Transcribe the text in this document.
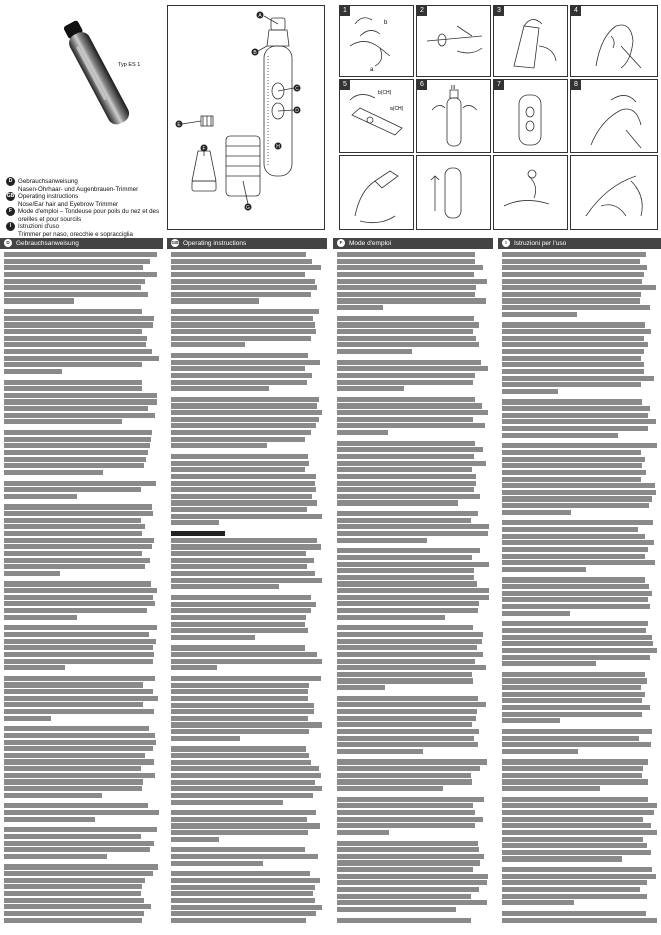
Typ ES 1
D Gebrauchsanweisung
Nasen-Ohrhaar- und Augenbrauen-Trimmer
GB Operating instructions
Nose/Ear hair and Eyebrow Trimmer
F Mode d'emploi – Tondeuse pour poils du nez et des
oreilles et pour sourcils
I Istruzioni d'uso
Trimmer per naso, orecchie e sopracciglia
A
B
C
D
E
F
G
H
1
b
a
2	3	4
5
b(CH)
a(CH)
6	III	7	8
D Gebrauchsanweisung	GB Operating instructions	F Mode d'emploi	I Istruzioni per l'uso
